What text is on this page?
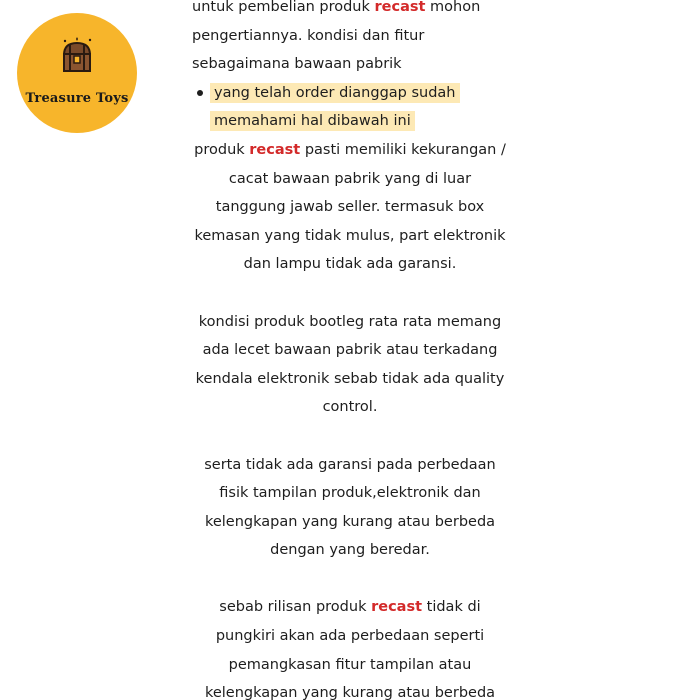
Treasure Toys
untuk pembelian produk recast mohon
pengertiannya. kondisi dan fitur
sebagaimana bawaan pabrik
yang telah order dianggap sudah
memahami hal dibawah ini
produk recast pasti memiliki kekurangan /
cacat bawaan pabrik yang di luar
tanggung jawab seller. termasuk box
kemasan yang tidak mulus, part elektronik
dan lampu tidak ada garansi.
kondisi produk bootleg rata rata memang
ada lecet bawaan pabrik atau terkadang
kendala elektronik sebab tidak ada quality
control.
serta tidak ada garansi pada perbedaan
fisik tampilan produk,elektronik dan
kelengkapan yang kurang atau berbeda
dengan yang beredar.
sebab rilisan produk recast tidak di
pungkiri akan ada perbedaan seperti
pemangkasan fitur tampilan atau
kelengkapan yang kurang atau berbeda
